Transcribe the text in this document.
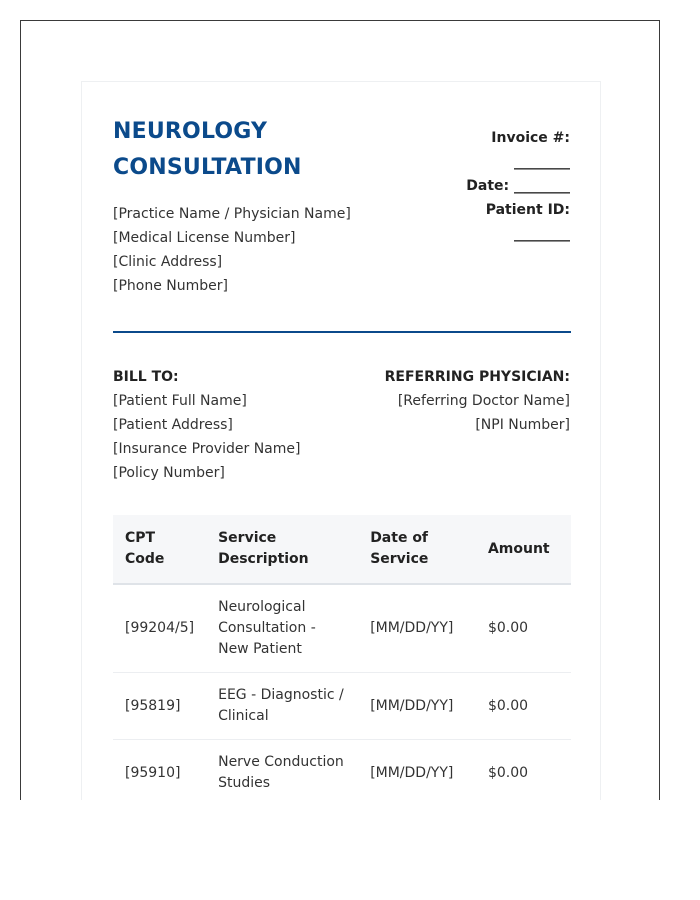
NEUROLOGY CONSULTATION
[Practice Name / Physician Name]
[Medical License Number]
[Clinic Address]
[Phone Number]
Invoice #:
________
Date: ________
Patient ID:
________
BILL TO:
[Patient Full Name]
[Patient Address]
[Insurance Provider Name]
[Policy Number]
REFERRING PHYSICIAN:
[Referring Doctor Name]
[NPI Number]
CPT Code	Service Description	Date of Service	Amount
[99204/5]	Neurological Consultation - New Patient	[MM/DD/YY]	$0.00
[95819]	EEG - Diagnostic / Clinical	[MM/DD/YY]	$0.00
[95910]	Nerve Conduction Studies	[MM/DD/YY]	$0.00
